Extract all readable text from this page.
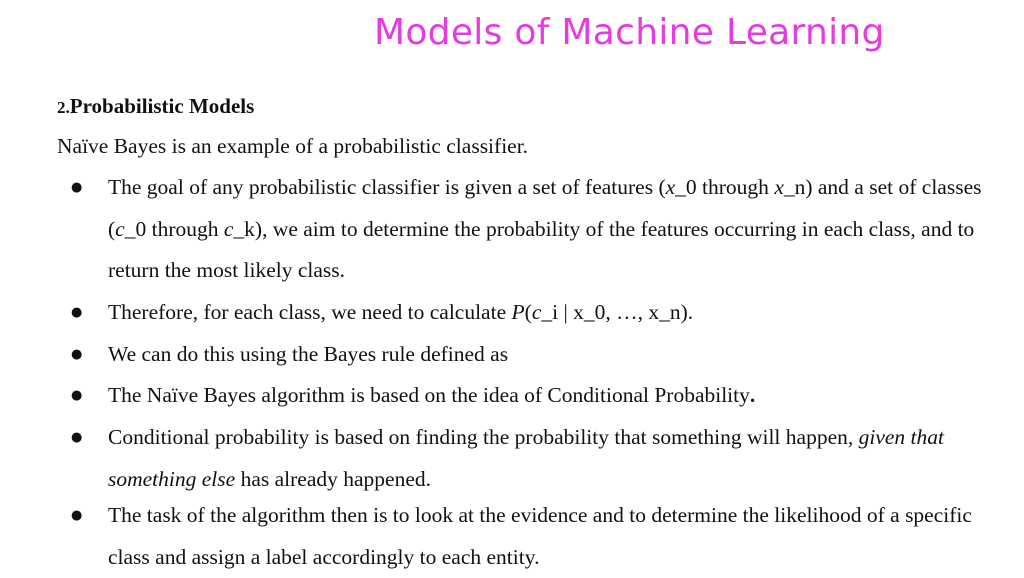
Models of Machine Learning
2.Probabilistic Models
Naïve Bayes is an example of a probabilistic classifier.
● The goal of any probabilistic classifier is given a set of features (x_0 through x_n) and a set of classes (c_0 through c_k), we aim to determine the probability of the features occurring in each class, and to return the most likely class.
● Therefore, for each class, we need to calculate P(c_i | x_0, …, x_n).
● We can do this using the Bayes rule defined as
● The Naïve Bayes algorithm is based on the idea of Conditional Probability.
● Conditional probability is based on finding the probability that something will happen, given that something else has already happened.
● The task of the algorithm then is to look at the evidence and to determine the likelihood of a specific class and assign a label accordingly to each entity.
